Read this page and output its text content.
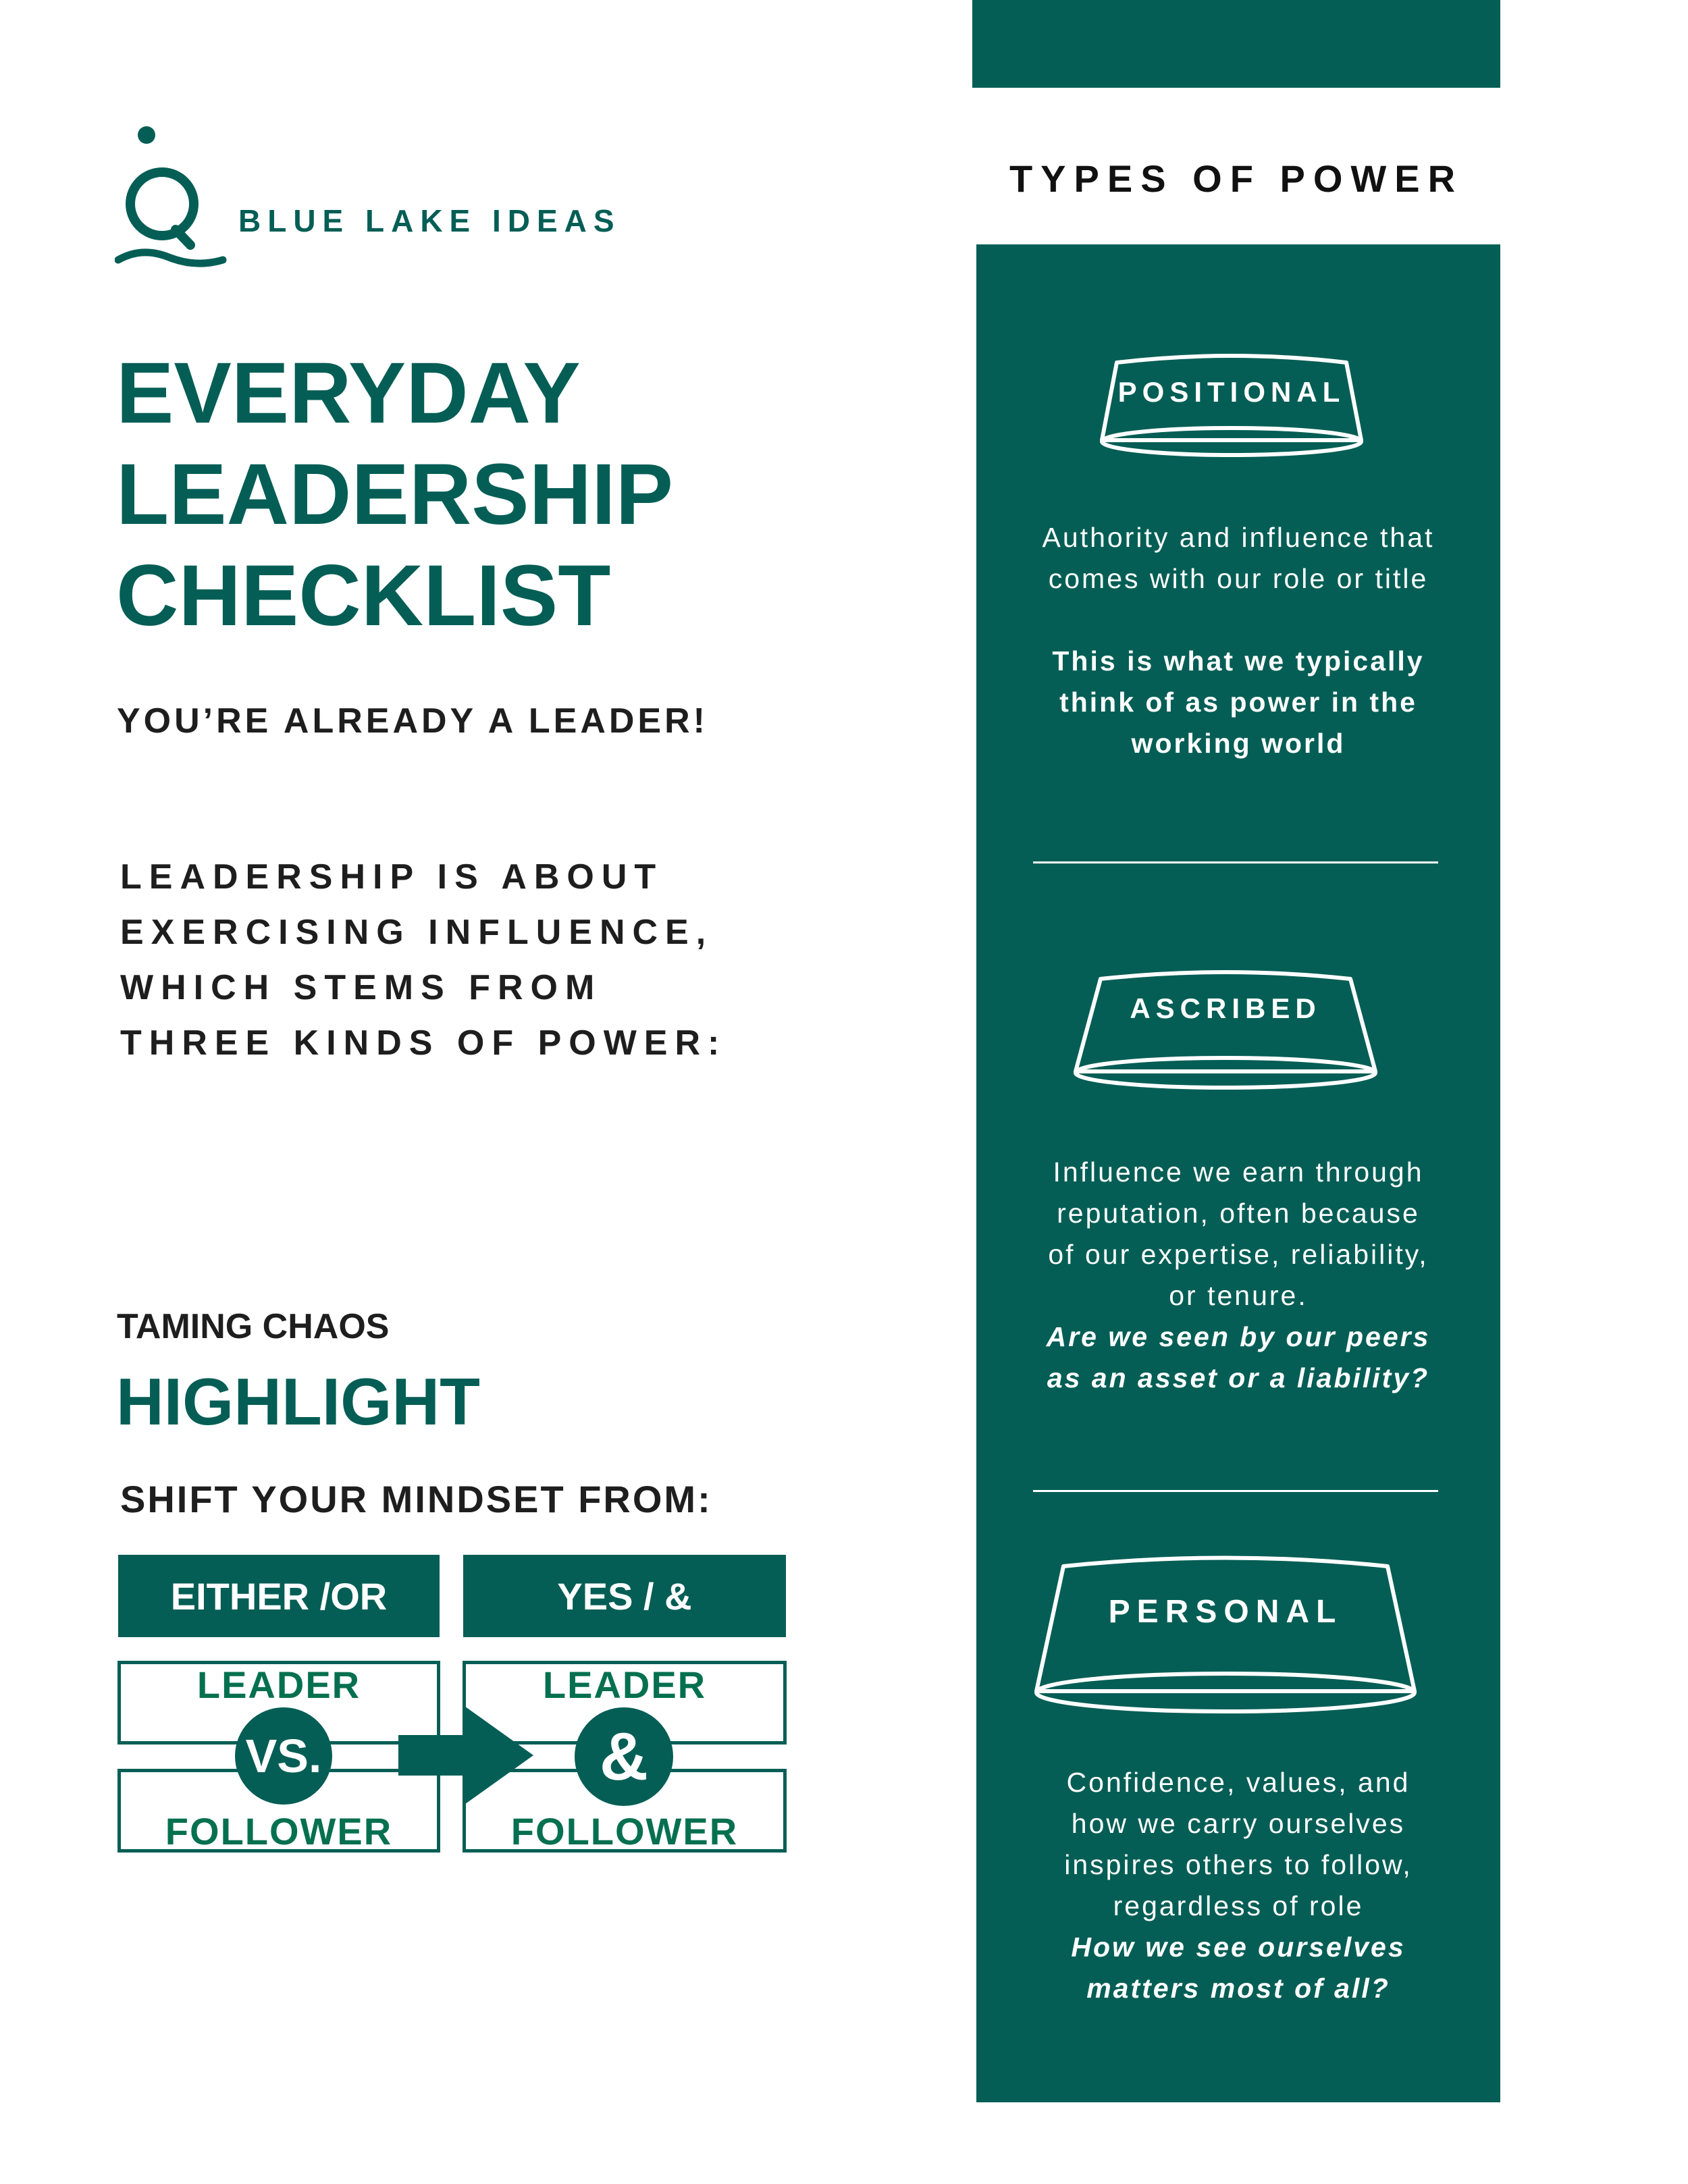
BLUE LAKE IDEAS
EVERYDAY
LEADERSHIP
CHECKLIST
YOU’RE ALREADY A LEADER!
LEADERSHIP IS ABOUT
EXERCISING INFLUENCE,
WHICH STEMS FROM
THREE KINDS OF POWER:
TAMING CHAOS
HIGHLIGHT
SHIFT YOUR MINDSET FROM:
EITHER /OR	YES / &
LEADER
FOLLOWER
LEADER
FOLLOWER
VS.	&
TYPES OF POWER
POSITIONAL
ASCRIBED
PERSONAL
Authority and influence that
comes with our role or title
This is what we typically
think of as power in the
working world
Influence we earn through
reputation, often because
of our expertise, reliability,
or tenure.
Are we seen by our peers
as an asset or a liability?
Confidence, values, and
how we carry ourselves
inspires others to follow,
regardless of role
How we see ourselves
matters most of all?
